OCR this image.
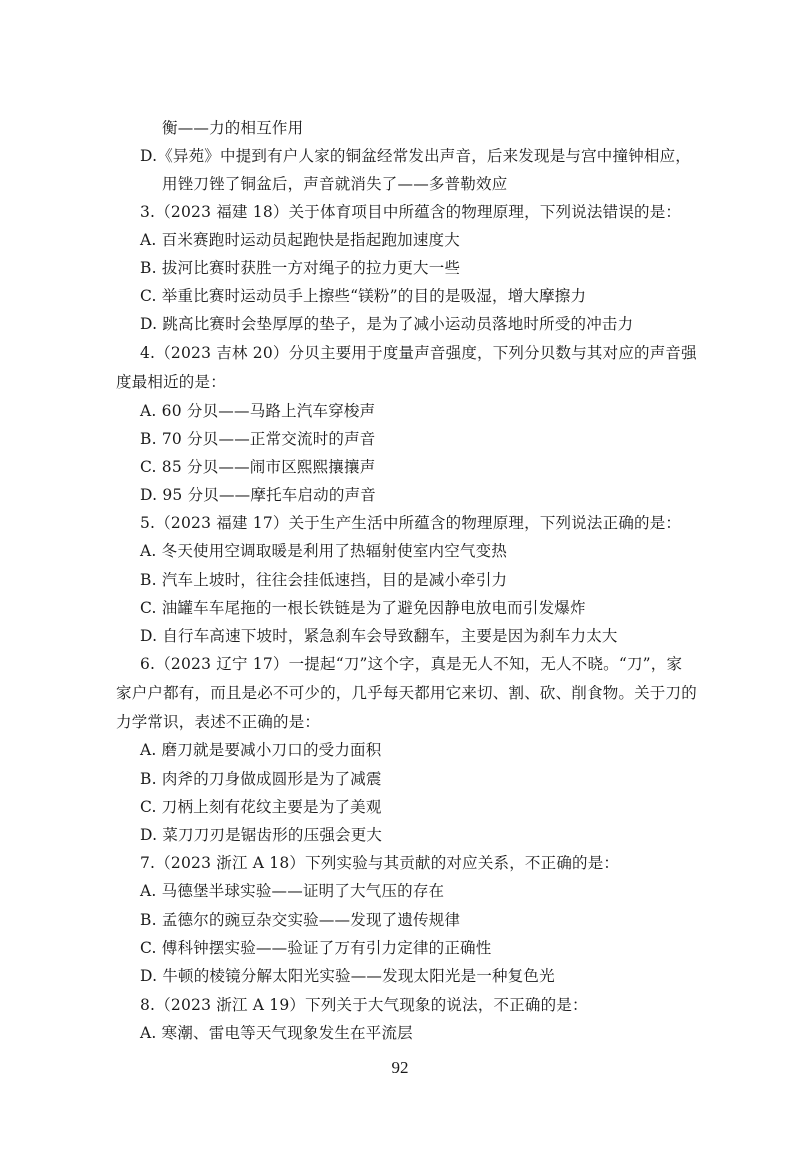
衡——力的相互作用
D.《异苑》中提到有户人家的铜盆经常发出声音，后来发现是与宫中撞钟相应，
用锉刀锉了铜盆后，声音就消失了——多普勒效应
3.（2023 福建 18）关于体育项目中所蕴含的物理原理，下列说法错误的是：
A. 百米赛跑时运动员起跑快是指起跑加速度大
B. 拔河比赛时获胜一方对绳子的拉力更大一些
C. 举重比赛时运动员手上擦些“镁粉”的目的是吸湿，增大摩擦力
D. 跳高比赛时会垫厚厚的垫子，是为了减小运动员落地时所受的冲击力
4.（2023 吉林 20）分贝主要用于度量声音强度，下列分贝数与其对应的声音强
度最相近的是：
A. 60 分贝——马路上汽车穿梭声
B. 70 分贝——正常交流时的声音
C. 85 分贝——闹市区熙熙攘攘声
D. 95 分贝——摩托车启动的声音
5.（2023 福建 17）关于生产生活中所蕴含的物理原理，下列说法正确的是：
A. 冬天使用空调取暖是利用了热辐射使室内空气变热
B. 汽车上坡时，往往会挂低速挡，目的是减小牵引力
C. 油罐车车尾拖的一根长铁链是为了避免因静电放电而引发爆炸
D. 自行车高速下坡时，紧急刹车会导致翻车，主要是因为刹车力太大
6.（2023 辽宁 17）一提起“刀”这个字，真是无人不知，无人不晓。“刀”，家
家户户都有，而且是必不可少的，几乎每天都用它来切、割、砍、削食物。关于刀的
力学常识，表述不正确的是：
A. 磨刀就是要减小刀口的受力面积
B. 肉斧的刀身做成圆形是为了减震
C. 刀柄上刻有花纹主要是为了美观
D. 菜刀刀刃是锯齿形的压强会更大
7.（2023 浙江 A 18）下列实验与其贡献的对应关系，不正确的是：
A. 马德堡半球实验——证明了大气压的存在
B. 孟德尔的豌豆杂交实验——发现了遗传规律
C. 傅科钟摆实验——验证了万有引力定律的正确性
D. 牛顿的棱镜分解太阳光实验——发现太阳光是一种复色光
8.（2023 浙江 A 19）下列关于大气现象的说法，不正确的是：
A. 寒潮、雷电等天气现象发生在平流层
92
